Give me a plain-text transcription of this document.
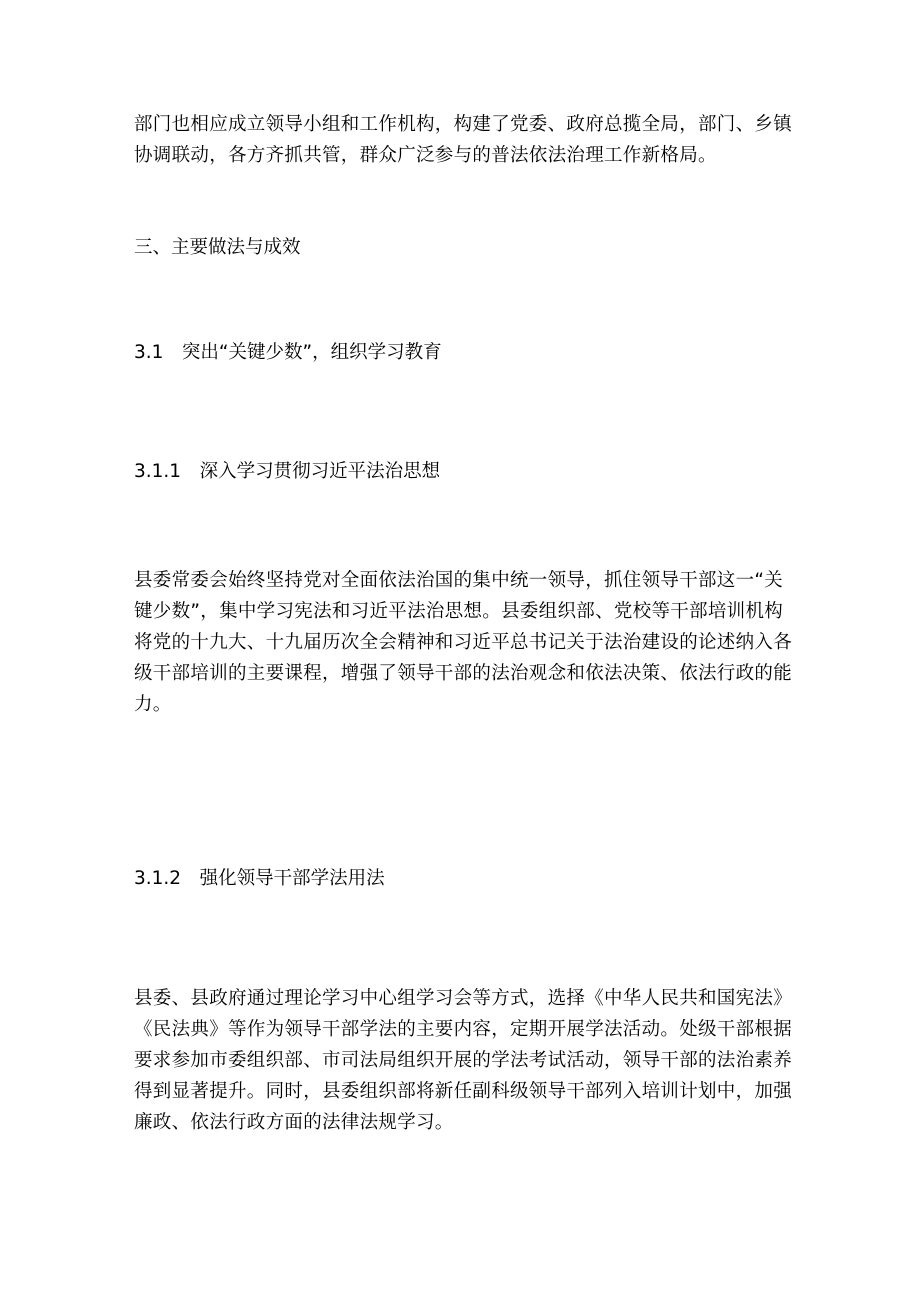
部门也相应成立领导小组和工作机构，构建了党委、政府总揽全局，部门、乡镇
协调联动，各方齐抓共管，群众广泛参与的普法依法治理工作新格局。
三、主要做法与成效
3.1　突出“关键少数”，组织学习教育
3.1.1　深入学习贯彻习近平法治思想
县委常委会始终坚持党对全面依法治国的集中统一领导，抓住领导干部这一“关
键少数”，集中学习宪法和习近平法治思想。县委组织部、党校等干部培训机构
将党的十九大、十九届历次全会精神和习近平总书记关于法治建设的论述纳入各
级干部培训的主要课程，增强了领导干部的法治观念和依法决策、依法行政的能
力。
3.1.2　强化领导干部学法用法
县委、县政府通过理论学习中心组学习会等方式，选择《中华人民共和国宪法》
《民法典》等作为领导干部学法的主要内容，定期开展学法活动。处级干部根据
要求参加市委组织部、市司法局组织开展的学法考试活动，领导干部的法治素养
得到显著提升。同时，县委组织部将新任副科级领导干部列入培训计划中，加强
廉政、依法行政方面的法律法规学习。
